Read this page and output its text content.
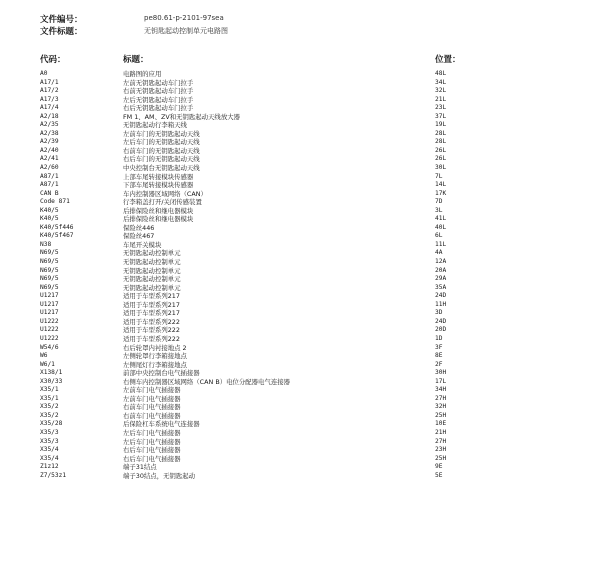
文件编号：	pe80.61-p-2101-97sea
文件标题：	无钥匙起动控制单元电路图
代码：	标题：	位置：
A0	电路图的应用	48L
A17/1	左前无钥匙起动车门拉手	34L
A17/2	右前无钥匙起动车门拉手	32L
A17/3	左后无钥匙起动车门拉手	21L
A17/4	右后无钥匙起动车门拉手	23L
A2/18	FM 1、AM、ZV和无钥匙起动天线放大器	37L
A2/35	无钥匙起动行李箱天线	19L
A2/38	左前车门的无钥匙起动天线	28L
A2/39	左后车门的无钥匙起动天线	28L
A2/40	右前车门的无钥匙起动天线	26L
A2/41	右后车门的无钥匙起动天线	26L
A2/60	中央控制台无钥匙起动天线	30L
A87/1	上部车尾转接模块传感器	7L
A87/1	下部车尾转接模块传感器	14L
CAN B	车内控制器区域网络（CAN）	17K
Code 871	行李箱盖打开/关闭传感装置	7D
K40/5	后排保险丝和继电器模块	3L
K40/5	后排保险丝和继电器模块	41L
K40/5f446	保险丝446	40L
K40/5f467	保险丝467	6L
N38	车尾开关模块	11L
N69/5	无钥匙起动控制单元	4A
N69/5	无钥匙起动控制单元	12A
N69/5	无钥匙起动控制单元	20A
N69/5	无钥匙起动控制单元	29A
N69/5	无钥匙起动控制单元	35A
U1217	适用于车型系列217	24D
U1217	适用于车型系列217	11H
U1217	适用于车型系列217	3D
U1222	适用于车型系列222	24D
U1222	适用于车型系列222	20D
U1222	适用于车型系列222	1D
W54/6	右后轮罩内衬接地点 2	3F
W6	左侧轮罩行李箱接地点	8E
W6/1	左侧尾灯行李箱接地点	2F
X138/1	前部中央控制台电气插接器	30H
X30/33	右侧车内控制器区域网络（CAN B）电位分配器电气连接器	17L
X35/1	左前车门电气插接器	34H
X35/1	左前车门电气插接器	27H
X35/2	右前车门电气插接器	32H
X35/2	右前车门电气插接器	25H
X35/28	后保险杠车系统电气连接器	10E
X35/3	左后车门电气插接器	21H
X35/3	左后车门电气插接器	27H
X35/4	右后车门电气插接器	23H
X35/4	右后车门电气插接器	25H
Z1z12	端子31结点	9E
Z7/53z1	端子30结点，无钥匙起动	5E
